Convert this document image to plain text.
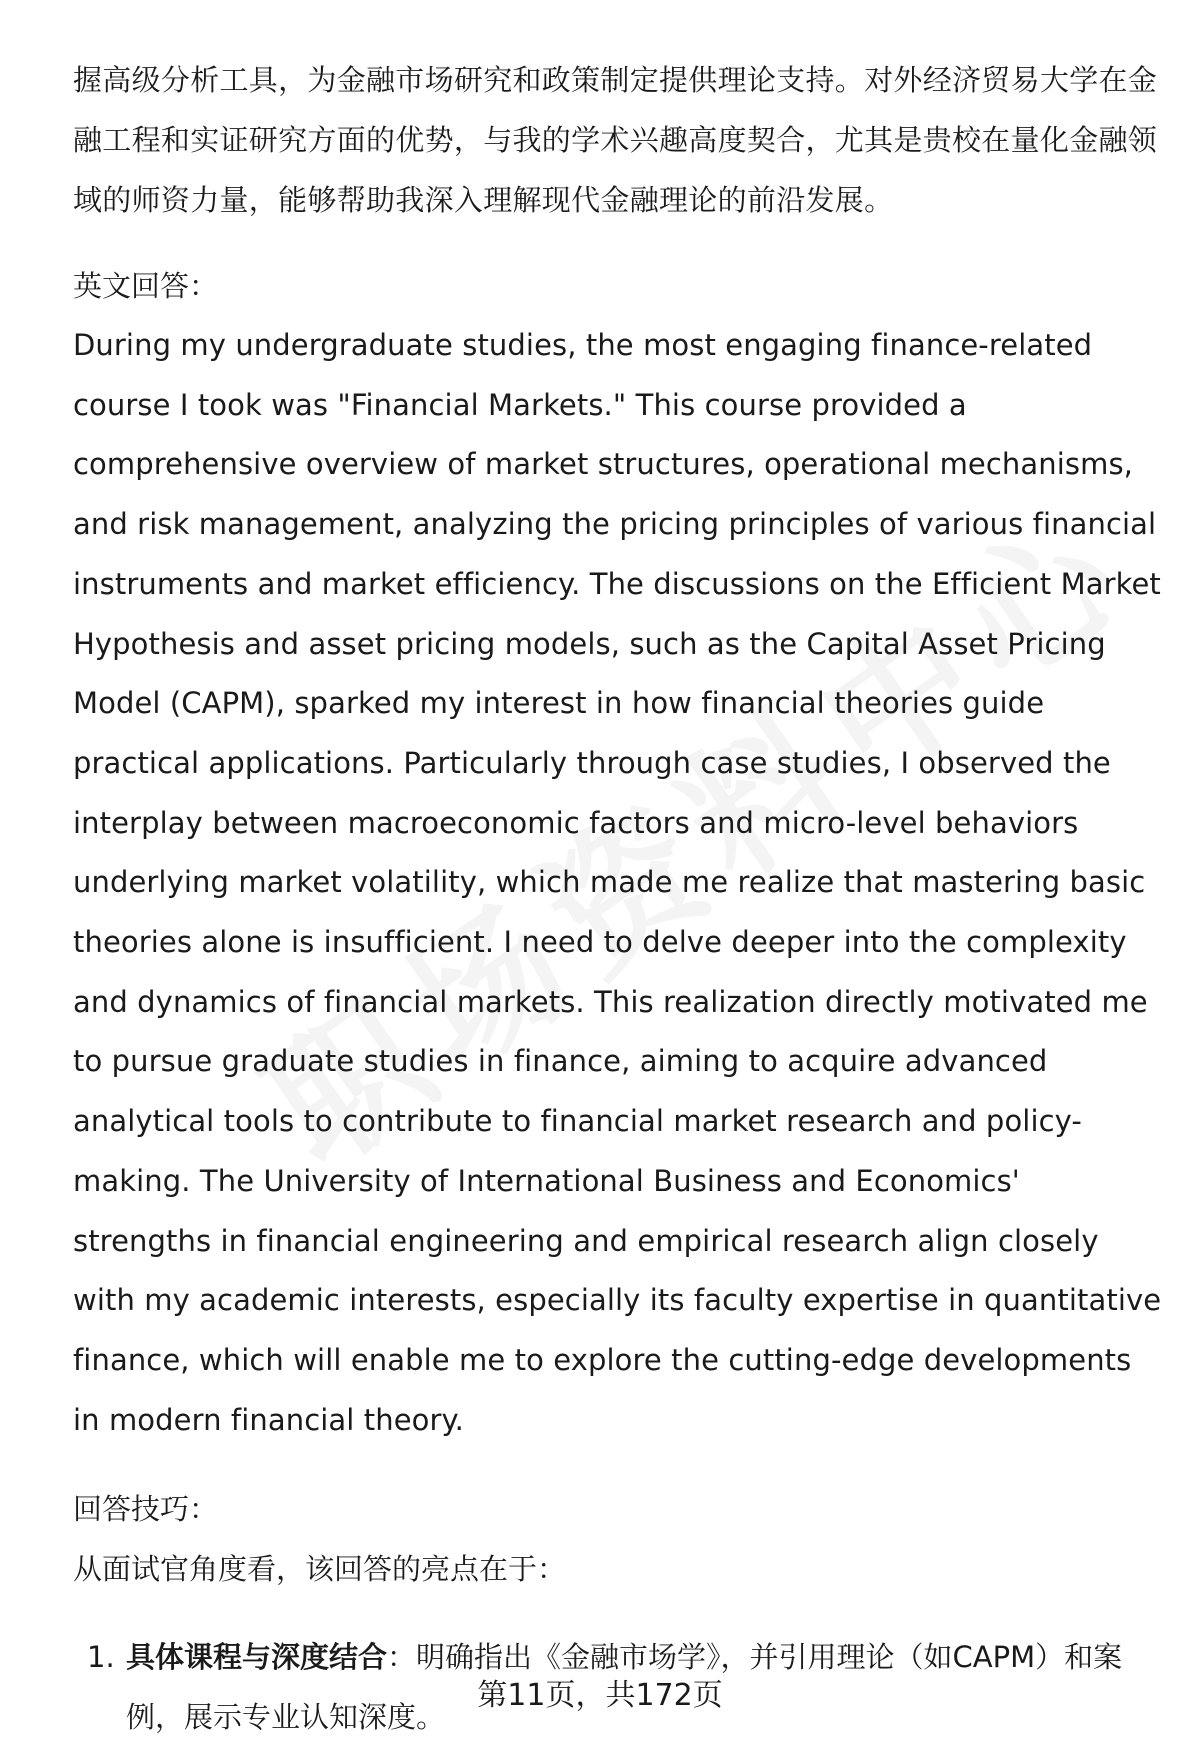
握高级分析工具，为金融市场研究和政策制定提供理论支持。对外经济贸易大学在金融工程和实证研究方面的优势，与我的学术兴趣高度契合，尤其是贵校在量化金融领域的师资力量，能够帮助我深入理解现代金融理论的前沿发展。

英文回答：

During my undergraduate studies, the most engaging finance-related course I took was "Financial Markets." This course provided a comprehensive overview of market structures, operational mechanisms, and risk management, analyzing the pricing principles of various financial instruments and market efficiency. The discussions on the Efficient Market Hypothesis and asset pricing models, such as the Capital Asset Pricing Model (CAPM), sparked my interest in how financial theories guide practical applications. Particularly through case studies, I observed the interplay between macroeconomic factors and micro-level behaviors underlying market volatility, which made me realize that mastering basic theories alone is insufficient. I need to delve deeper into the complexity and dynamics of financial markets. This realization directly motivated me to pursue graduate studies in finance, aiming to acquire advanced analytical tools to contribute to financial market research and policy-making. The University of International Business and Economics' strengths in financial engineering and empirical research align closely with my academic interests, especially its faculty expertise in quantitative finance, which will enable me to explore the cutting-edge developments in modern financial theory.

回答技巧：

从面试官角度看，该回答的亮点在于：

1. 具体课程与深度结合：明确指出《金融市场学》，并引用理论（如CAPM）和案例，展示专业认知深度。
第11页，共172页
